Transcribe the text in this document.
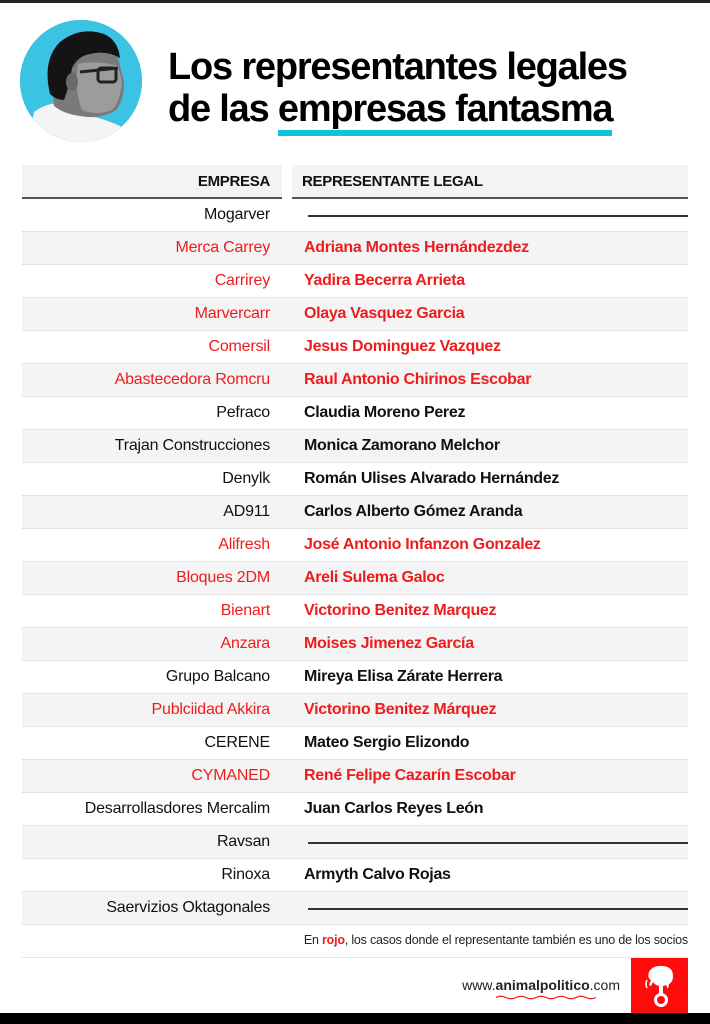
Los representantes legales
de las empresas fantasma
EMPRESA	REPRESENTANTE LEGAL
Mogarver
Merca Carrey	Adriana Montes Hernándezdez
Carrirey	Yadira Becerra Arrieta
Marvercarr	Olaya Vasquez Garcia
Comersil	Jesus Dominguez Vazquez
Abastecedora Romcru	Raul Antonio Chirinos Escobar
Pefraco	Claudia Moreno Perez
Trajan Construcciones	Monica Zamorano Melchor
Denylk	Román Ulises Alvarado Hernández
AD911	Carlos Alberto Gómez Aranda
Alifresh	José Antonio Infanzon Gonzalez
Bloques 2DM	Areli Sulema Galoc
Bienart	Victorino Benitez Marquez
Anzara	Moises Jimenez García
Grupo Balcano	Mireya Elisa Zárate Herrera
Publciidad Akkira	Victorino Benitez Márquez
CERENE	Mateo Sergio Elizondo
CYMANED	René Felipe Cazarín Escobar
Desarrollasdores Mercalim	Juan Carlos Reyes León
Ravsan
Rinoxa	Armyth Calvo Rojas
Saervizios Oktagonales
En rojo, los casos donde el representante también es uno de los socios
www.animalpolitico
.com
